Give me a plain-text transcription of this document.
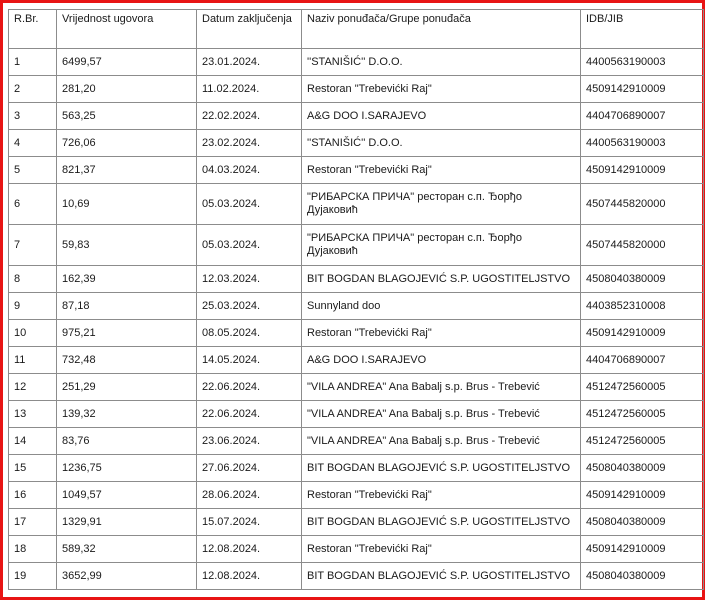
R.Br.	Vrijednost ugovora	Datum zaključenja	Naziv ponuđača/Grupe ponuđača	IDB/JIB
1	6499,57	23.01.2024.	''STANIŠIĆ'' D.O.O.	4400563190003
2	281,20	11.02.2024.	Restoran "Trebevićki Raj"	4509142910009
3	563,25	22.02.2024.	A&G DOO I.SARAJEVO	4404706890007
4	726,06	23.02.2024.	''STANIŠIĆ'' D.O.O.	4400563190003
5	821,37	04.03.2024.	Restoran "Trebevićki Raj"	4509142910009
6	10,69	05.03.2024.	"РИБАРСКА ПРИЧА" ресторан с.п. Ђорђо Дујаковић	4507445820000
7	59,83	05.03.2024.	"РИБАРСКА ПРИЧА" ресторан с.п. Ђорђо Дујаковић	4507445820000
8	162,39	12.03.2024.	BIT BOGDAN BLAGOJEVIĆ S.P. UGOSTITELJSTVO	4508040380009
9	87,18	25.03.2024.	Sunnyland doo	4403852310008
10	975,21	08.05.2024.	Restoran "Trebevićki Raj"	4509142910009
11	732,48	14.05.2024.	A&G DOO I.SARAJEVO	4404706890007
12	251,29	22.06.2024.	"VILA ANDREA" Ana Babalj s.p. Brus - Trebević	4512472560005
13	139,32	22.06.2024.	"VILA ANDREA" Ana Babalj s.p. Brus - Trebević	4512472560005
14	83,76	23.06.2024.	"VILA ANDREA" Ana Babalj s.p. Brus - Trebević	4512472560005
15	1236,75	27.06.2024.	BIT BOGDAN BLAGOJEVIĆ S.P. UGOSTITELJSTVO	4508040380009
16	1049,57	28.06.2024.	Restoran "Trebevićki Raj"	4509142910009
17	1329,91	15.07.2024.	BIT BOGDAN BLAGOJEVIĆ S.P. UGOSTITELJSTVO	4508040380009
18	589,32	12.08.2024.	Restoran "Trebevićki Raj"	4509142910009
19	3652,99	12.08.2024.	BIT BOGDAN BLAGOJEVIĆ S.P. UGOSTITELJSTVO	4508040380009
